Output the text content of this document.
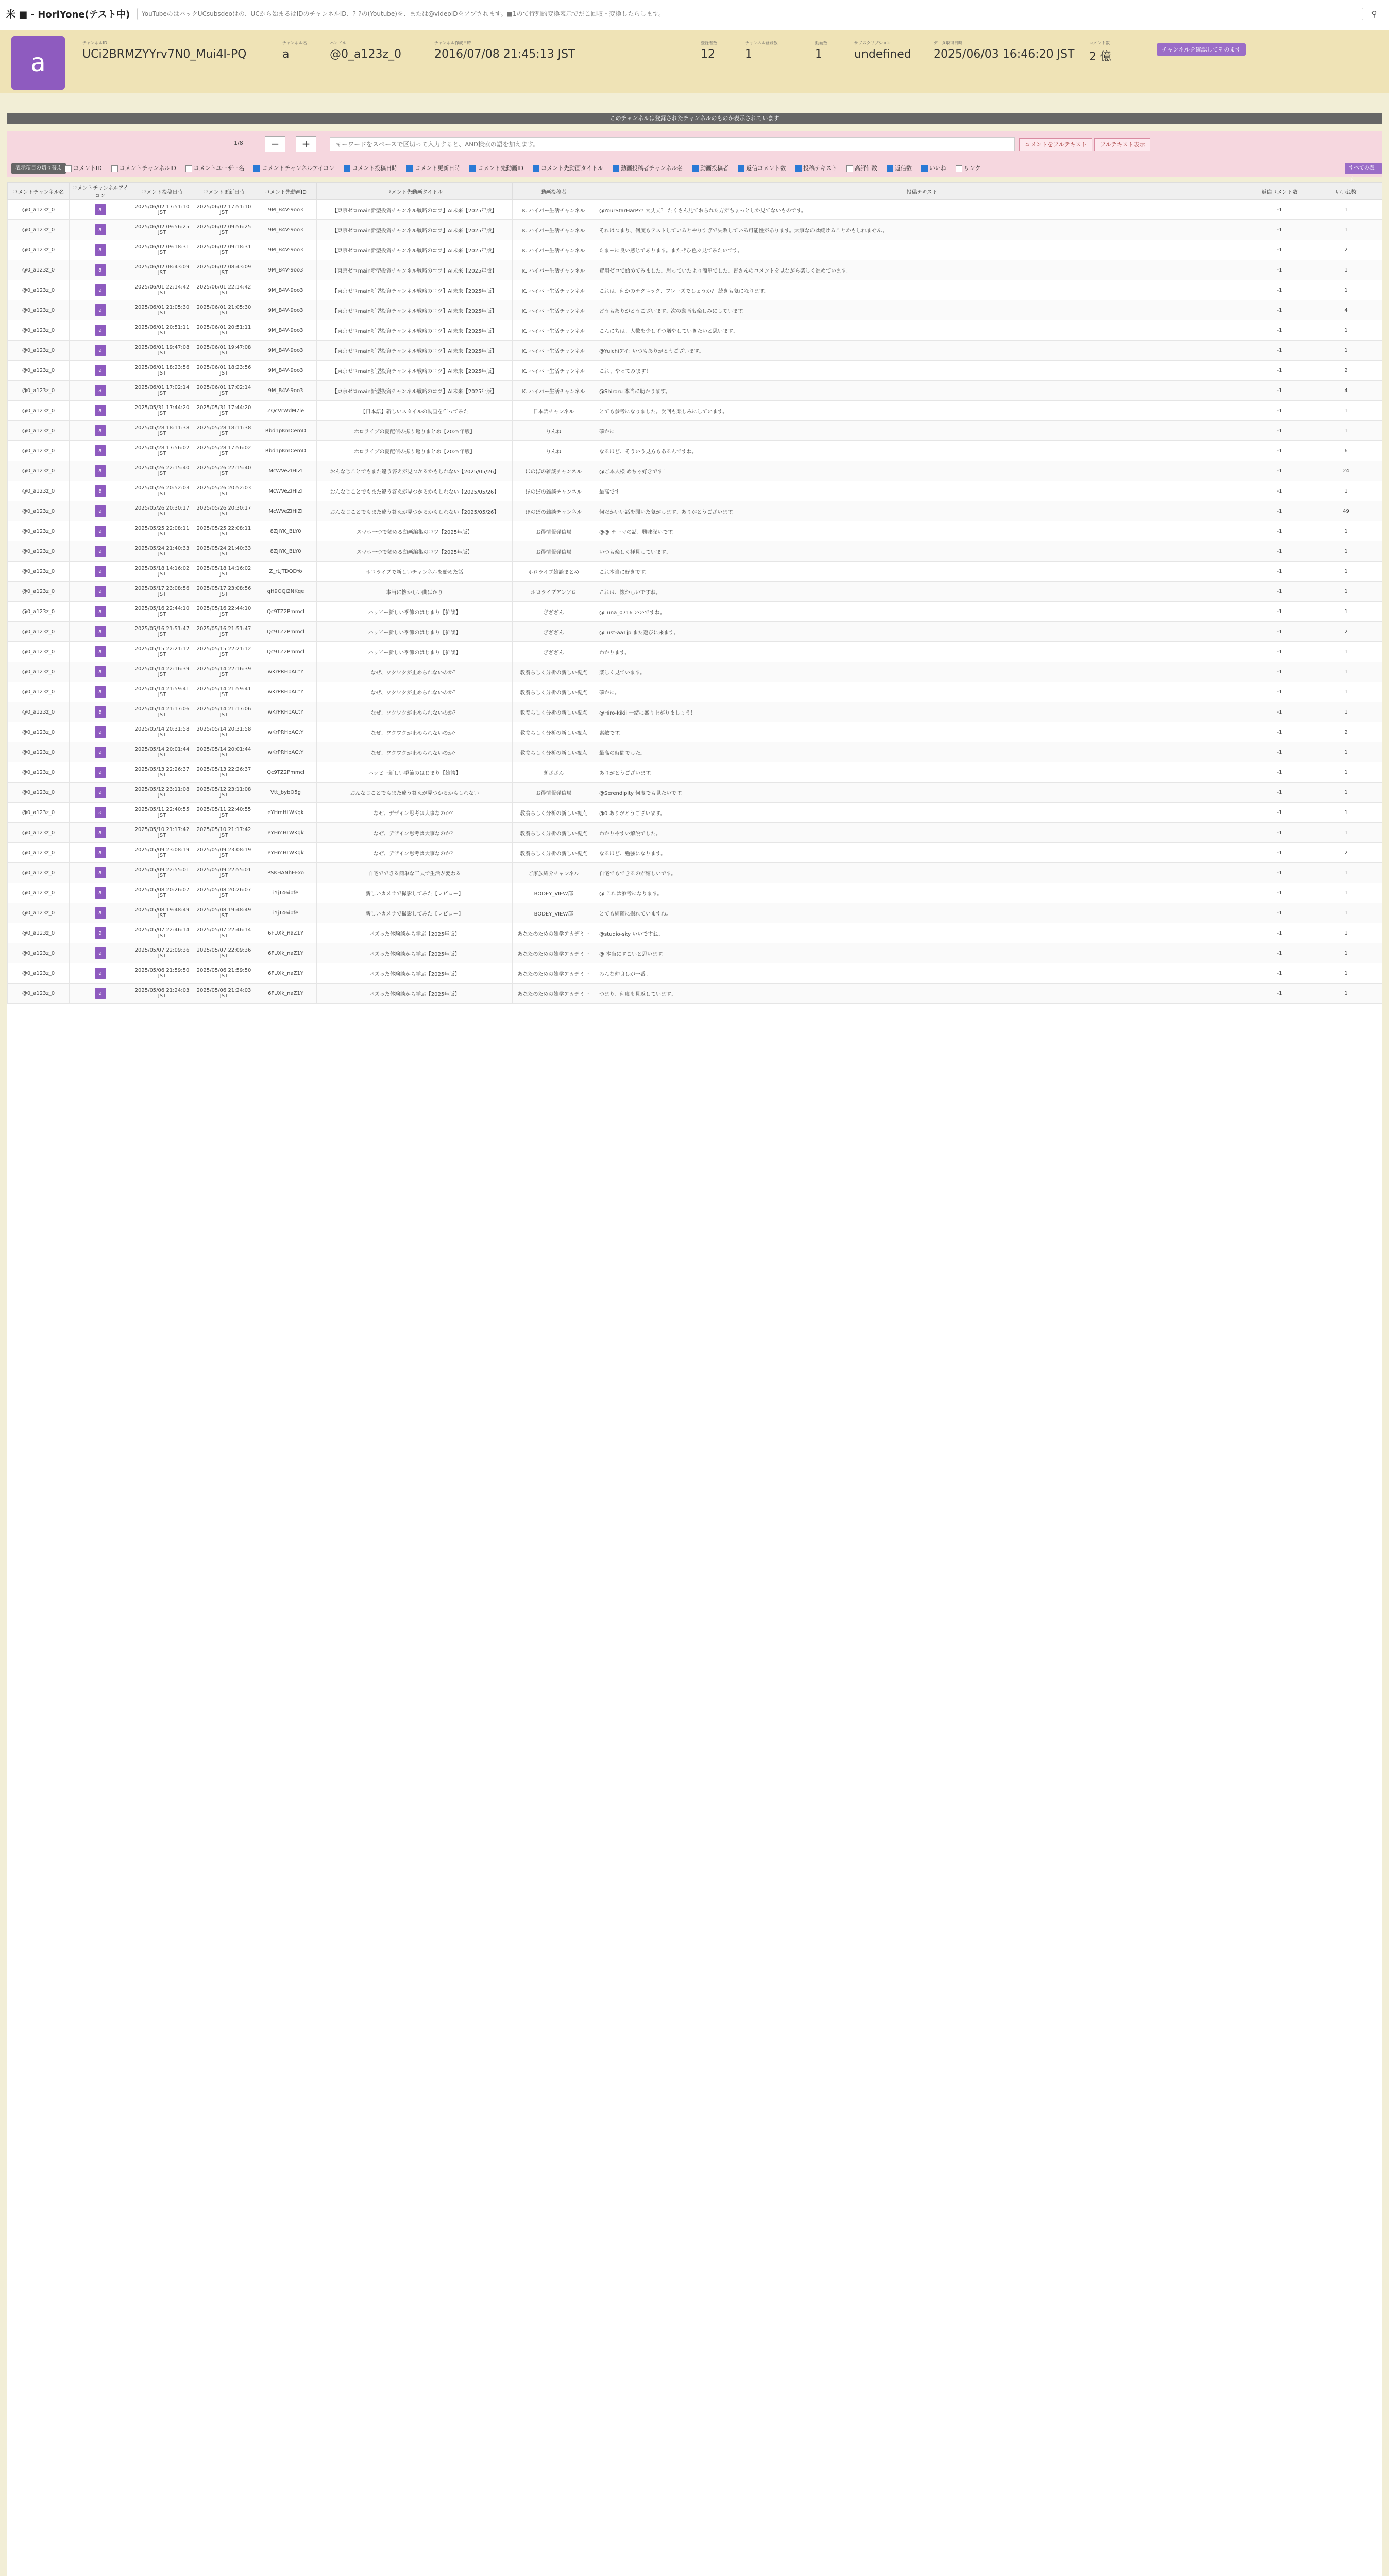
米 ■ - HoriYone(テスト中)
YouTubeのはバックUCsubsdeoはの、UCから始まるはIDのチャンネルID、?-?の(Youtube)を、または@videoIDをアプされます。■1のて行列的変換表示でだこ回収・変換したらします。	⚲
a
チャンネルID
UCi2BRMZYYrv7N0_Mui4I-PQ
チャンネル名
a
ハンドル
@0_a123z_0
チャンネル作成日時
2016/07/08 21:45:13 JST
登録者数
12
チャンネル登録数
1
動画数
1
サブスクリプション
undefined
データ取得日時
2025/06/03 16:46:20 JST
コメント数
2 億
チャンネルを確認してそのます
このチャンネルは登録されたチャンネルのものが表示されています
1/8	−	+
キーワードをスペースで区切って入力すると、AND検索の語を加えます。	コメントをフルテキスト	フルテキスト表示
表示項目の切り替え	コメントID	コメントチャンネルID	コメントユーザー名	コメントチャンネルアイコン	コメント投稿日時	コメント更新日時	コメント先動画ID	コメント先動画タイトル	動画投稿者チャンネル名	動画投稿者	返信コメント数	投稿テキスト	高評価数	返信数	いいね	リンク	すべての表示
コメントチャンネル名	コメントチャンネルアイコン	コメント投稿日時	コメント更新日時	コメント先動画ID	コメント先動画タイトル	動画投稿者	投稿テキスト	返信コメント数	いいね数
@0_a123z_0	a	2025/06/02 17:51:10 JST	2025/06/02 17:51:10 JST	9M_B4V-9oo3	【東京ゼロmain新型投資チャンネル戦略のコツ】AI未来【2025年版】	K. ハイパー生活チャンネル	@YourStarHarP?? 大丈夫？ たくさん見ておられた方がちょっとしか見てないものです。	-1	1
@0_a123z_0	a	2025/06/02 09:56:25 JST	2025/06/02 09:56:25 JST	9M_B4V-9oo3	【東京ゼロmain新型投資チャンネル戦略のコツ】AI未来【2025年版】	K. ハイパー生活チャンネル	それはつまり、何度もテストしているとやりすぎで失敗している可能性があります。大事なのは続けることかもしれません。	-1	1
@0_a123z_0	a	2025/06/02 09:18:31 JST	2025/06/02 09:18:31 JST	9M_B4V-9oo3	【東京ゼロmain新型投資チャンネル戦略のコツ】AI未来【2025年版】	K. ハイパー生活チャンネル	たまーに良い感じであります。またぜひ色々見てみたいです。	-1	2
@0_a123z_0	a	2025/06/02 08:43:09 JST	2025/06/02 08:43:09 JST	9M_B4V-9oo3	【東京ゼロmain新型投資チャンネル戦略のコツ】AI未来【2025年版】	K. ハイパー生活チャンネル	費用ゼロで始めてみました。思っていたより簡単でした。皆さんのコメントを見ながら楽しく進めています。	-1	1
@0_a123z_0	a	2025/06/01 22:14:42 JST	2025/06/01 22:14:42 JST	9M_B4V-9oo3	【東京ゼロmain新型投資チャンネル戦略のコツ】AI未来【2025年版】	K. ハイパー生活チャンネル	これは、何かのテクニック、フレーズでしょうか？ 続きも気になります。	-1	1
@0_a123z_0	a	2025/06/01 21:05:30 JST	2025/06/01 21:05:30 JST	9M_B4V-9oo3	【東京ゼロmain新型投資チャンネル戦略のコツ】AI未来【2025年版】	K. ハイパー生活チャンネル	どうもありがとうございます。次の動画も楽しみにしています。	-1	4
@0_a123z_0	a	2025/06/01 20:51:11 JST	2025/06/01 20:51:11 JST	9M_B4V-9oo3	【東京ゼロmain新型投資チャンネル戦略のコツ】AI未来【2025年版】	K. ハイパー生活チャンネル	こんにちは。人数を少しずつ増やしていきたいと思います。	-1	1
@0_a123z_0	a	2025/06/01 19:47:08 JST	2025/06/01 19:47:08 JST	9M_B4V-9oo3	【東京ゼロmain新型投資チャンネル戦略のコツ】AI未来【2025年版】	K. ハイパー生活チャンネル	@Yuichiアイ: いつもありがとうございます。	-1	1
@0_a123z_0	a	2025/06/01 18:23:56 JST	2025/06/01 18:23:56 JST	9M_B4V-9oo3	【東京ゼロmain新型投資チャンネル戦略のコツ】AI未来【2025年版】	K. ハイパー生活チャンネル	これ、やってみます！	-1	2
@0_a123z_0	a	2025/06/01 17:02:14 JST	2025/06/01 17:02:14 JST	9M_B4V-9oo3	【東京ゼロmain新型投資チャンネル戦略のコツ】AI未来【2025年版】	K. ハイパー生活チャンネル	@Shiroru 本当に助かります。	-1	4
@0_a123z_0	a	2025/05/31 17:44:20 JST	2025/05/31 17:44:20 JST	ZQcVrWdM7le	【日本語】新しいスタイルの動画を作ってみた	日本語チャンネル	とても参考になりました。次回も楽しみにしています。	-1	1
@0_a123z_0	a	2025/05/28 18:11:38 JST	2025/05/28 18:11:38 JST	Rbd1pKmCemD	ホロライブの夏配信の振り返りまとめ【2025年版】	りんね	確かに！	-1	1
@0_a123z_0	a	2025/05/28 17:56:02 JST	2025/05/28 17:56:02 JST	Rbd1pKmCemD	ホロライブの夏配信の振り返りまとめ【2025年版】	りんね	なるほど、そういう見方もあるんですね。	-1	6
@0_a123z_0	a	2025/05/26 22:15:40 JST	2025/05/26 22:15:40 JST	McWVeZIHIZI	おんなじことでもまた違う答えが見つかるかもしれない【2025/05/26】	ほのぼの雑談チャンネル	@ご本人様 めちゃ好きです！	-1	24
@0_a123z_0	a	2025/05/26 20:52:03 JST	2025/05/26 20:52:03 JST	McWVeZIHIZI	おんなじことでもまた違う答えが見つかるかもしれない【2025/05/26】	ほのぼの雑談チャンネル	最高です	-1	1
@0_a123z_0	a	2025/05/26 20:30:17 JST	2025/05/26 20:30:17 JST	McWVeZIHIZI	おんなじことでもまた違う答えが見つかるかもしれない【2025/05/26】	ほのぼの雑談チャンネル	何だかいい話を聞いた気がします。ありがとうございます。	-1	49
@0_a123z_0	a	2025/05/25 22:08:11 JST	2025/05/25 22:08:11 JST	8ZjlYK_BLY0	スマホ一つで始める動画編集のコツ【2025年版】	お得情報発信局	@@ テーマの話、興味深いです。	-1	1
@0_a123z_0	a	2025/05/24 21:40:33 JST	2025/05/24 21:40:33 JST	8ZjlYK_BLY0	スマホ一つで始める動画編集のコツ【2025年版】	お得情報発信局	いつも楽しく拝見しています。	-1	1
@0_a123z_0	a	2025/05/18 14:16:02 JST	2025/05/18 14:16:02 JST	Z_rLjTDQDYo	ホロライブで新しいチャンネルを始めた話	ホロライブ雑談まとめ	これ本当に好きです。	-1	1
@0_a123z_0	a	2025/05/17 23:08:56 JST	2025/05/17 23:08:56 JST	gH9OQi2NKge	本当に懐かしい曲ばかり	ホロライブアンソロ	これは、懐かしいですね。	-1	1
@0_a123z_0	a	2025/05/16 22:44:10 JST	2025/05/16 22:44:10 JST	Qc9TZ2Pmmcl	ハッピー新しい季節のはじまり【雑談】	ぎざざん	@Luna_0716 いいですね。	-1	1
@0_a123z_0	a	2025/05/16 21:51:47 JST	2025/05/16 21:51:47 JST	Qc9TZ2Pmmcl	ハッピー新しい季節のはじまり【雑談】	ぎざざん	@Lust-aa1jp また遊びに来ます。	-1	2
@0_a123z_0	a	2025/05/15 22:21:12 JST	2025/05/15 22:21:12 JST	Qc9TZ2Pmmcl	ハッピー新しい季節のはじまり【雑談】	ぎざざん	わかります。	-1	1
@0_a123z_0	a	2025/05/14 22:16:39 JST	2025/05/14 22:16:39 JST	wKrPRHbACtY	なぜ、ワクワクが止められないのか？	教養らしく分析の新しい視点	楽しく見ています。	-1	1
@0_a123z_0	a	2025/05/14 21:59:41 JST	2025/05/14 21:59:41 JST	wKrPRHbACtY	なぜ、ワクワクが止められないのか？	教養らしく分析の新しい視点	確かに。	-1	1
@0_a123z_0	a	2025/05/14 21:17:06 JST	2025/05/14 21:17:06 JST	wKrPRHbACtY	なぜ、ワクワクが止められないのか？	教養らしく分析の新しい視点	@Hiro-kikii 一緒に盛り上がりましょう！	-1	1
@0_a123z_0	a	2025/05/14 20:31:58 JST	2025/05/14 20:31:58 JST	wKrPRHbACtY	なぜ、ワクワクが止められないのか？	教養らしく分析の新しい視点	素敵です。	-1	2
@0_a123z_0	a	2025/05/14 20:01:44 JST	2025/05/14 20:01:44 JST	wKrPRHbACtY	なぜ、ワクワクが止められないのか？	教養らしく分析の新しい視点	最高の時間でした。	-1	1
@0_a123z_0	a	2025/05/13 22:26:37 JST	2025/05/13 22:26:37 JST	Qc9TZ2Pmmcl	ハッピー新しい季節のはじまり【雑談】	ぎざざん	ありがとうございます。	-1	1
@0_a123z_0	a	2025/05/12 23:11:08 JST	2025/05/12 23:11:08 JST	Vtt_bybO5g	おんなじことでもまた違う答えが見つかるかもしれない	お得情報発信局	@Serendipity 何度でも見たいです。	-1	1
@0_a123z_0	a	2025/05/11 22:40:55 JST	2025/05/11 22:40:55 JST	eYHmHLWKgk	なぜ、デザイン思考は大事なのか？	教養らしく分析の新しい視点	@0 ありがとうございます。	-1	1
@0_a123z_0	a	2025/05/10 21:17:42 JST	2025/05/10 21:17:42 JST	eYHmHLWKgk	なぜ、デザイン思考は大事なのか？	教養らしく分析の新しい視点	わかりやすい解説でした。	-1	1
@0_a123z_0	a	2025/05/09 23:08:19 JST	2025/05/09 23:08:19 JST	eYHmHLWKgk	なぜ、デザイン思考は大事なのか？	教養らしく分析の新しい視点	なるほど、勉強になります。	-1	2
@0_a123z_0	a	2025/05/09 22:55:01 JST	2025/05/09 22:55:01 JST	PSKHANhEFxo	自宅でできる簡単な工夫で生活が変わる	ご家族紹介チャンネル	自宅でもできるのが嬉しいです。	-1	1
@0_a123z_0	a	2025/05/08 20:26:07 JST	2025/05/08 20:26:07 JST	iYjT46ibfe	新しいカメラで撮影してみた【レビュー】	BODEY_VIEW部	@ これは参考になります。	-1	1
@0_a123z_0	a	2025/05/08 19:48:49 JST	2025/05/08 19:48:49 JST	iYjT46ibfe	新しいカメラで撮影してみた【レビュー】	BODEY_VIEW部	とても綺麗に撮れていますね。	-1	1
@0_a123z_0	a	2025/05/07 22:46:14 JST	2025/05/07 22:46:14 JST	6FUXk_naZ1Y	バズった体験談から学ぶ【2025年版】	あなたのための雑学アカデミー	@studio-sky いいですね。	-1	1
@0_a123z_0	a	2025/05/07 22:09:36 JST	2025/05/07 22:09:36 JST	6FUXk_naZ1Y	バズった体験談から学ぶ【2025年版】	あなたのための雑学アカデミー	@ 本当にすごいと思います。	-1	1
@0_a123z_0	a	2025/05/06 21:59:50 JST	2025/05/06 21:59:50 JST	6FUXk_naZ1Y	バズった体験談から学ぶ【2025年版】	あなたのための雑学アカデミー	みんな仲良しが一番。	-1	1
@0_a123z_0	a	2025/05/06 21:24:03 JST	2025/05/06 21:24:03 JST	6FUXk_naZ1Y	バズった体験談から学ぶ【2025年版】	あなたのための雑学アカデミー	つまり、何度も見返しています。	-1	1
